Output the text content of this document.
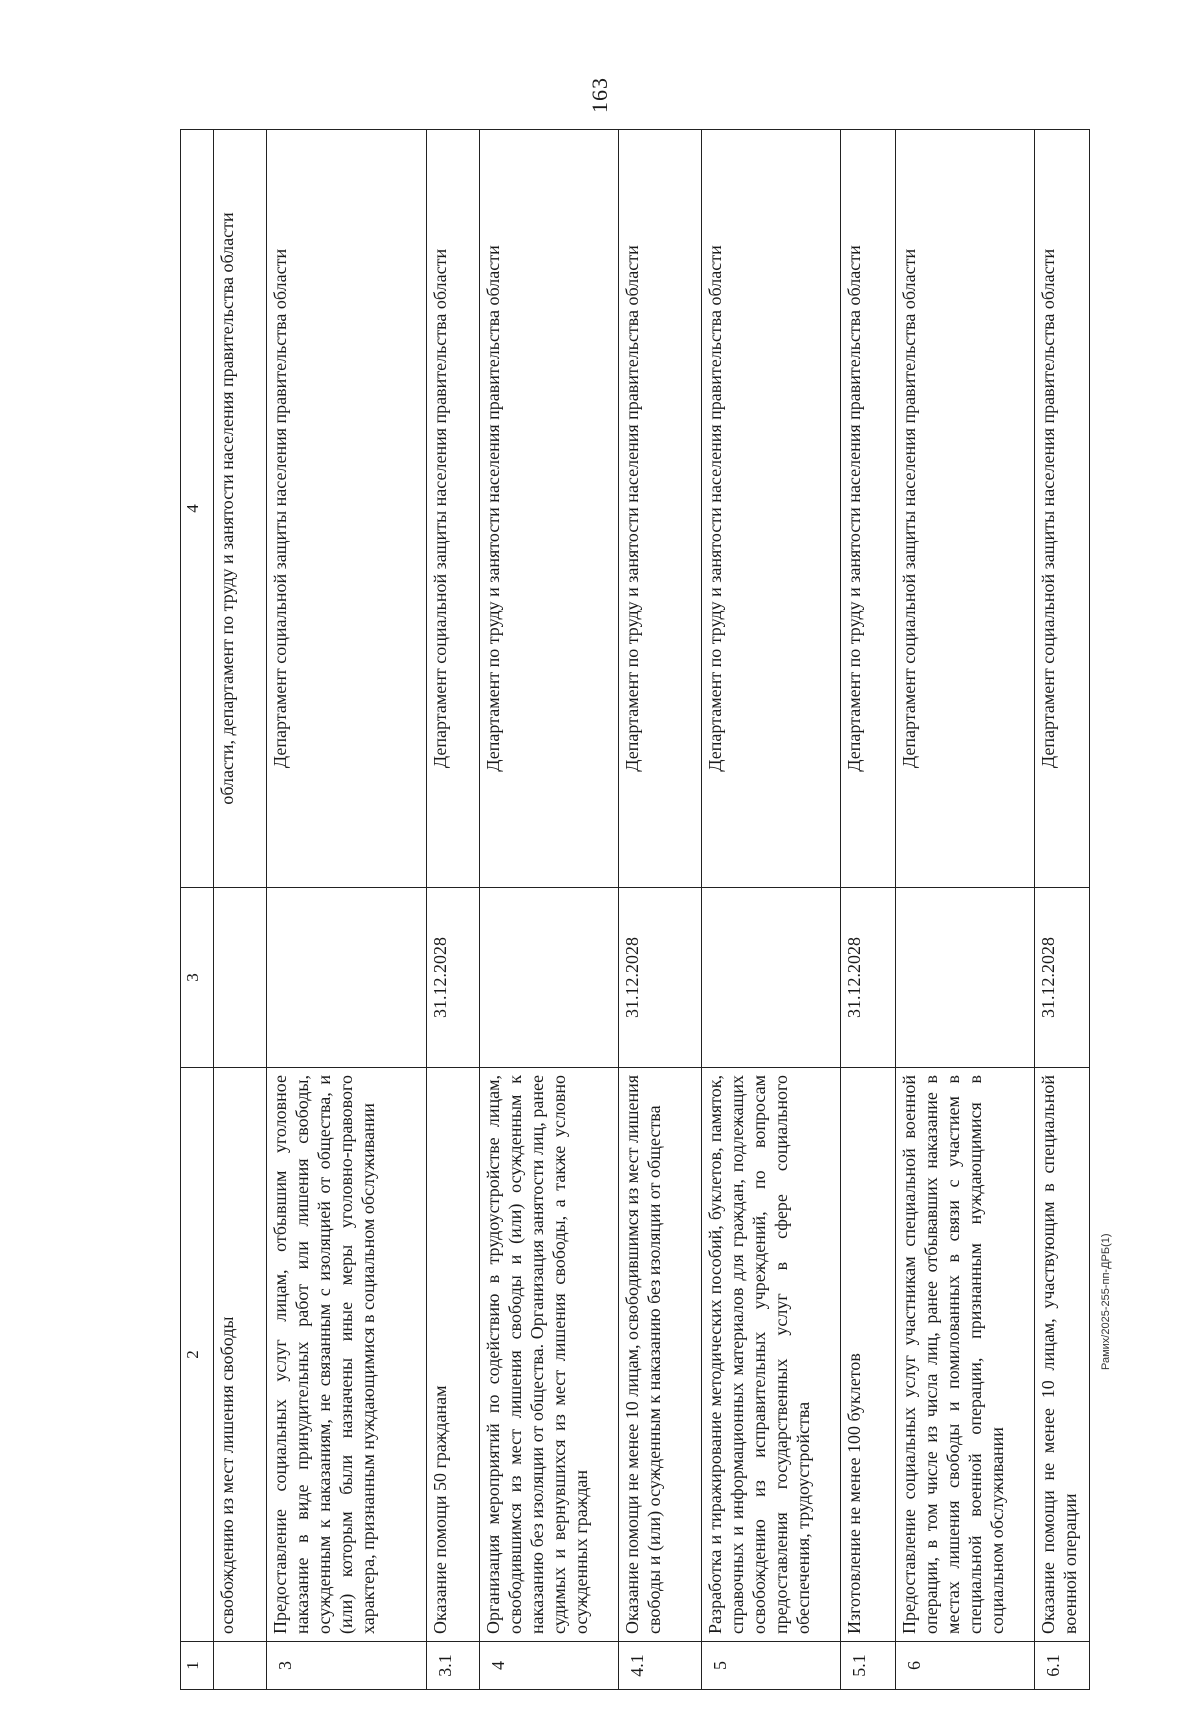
163
1	2	3	4
	освобождению из мест лишения свободы		области, департамент по труду и занятости населения правительства области
3	Предоставление социальных услуг лицам, отбывшим уголовное наказание в виде принудительных работ или лишения свободы, осужденным к наказаниям, не связанным с изоляцией от общества, и (или) которым были назначены иные меры уголовно-правового характера, признанным нуждающимися в социальном обслуживании		Департамент социальной защиты населения правительства области
3.1	Оказание помощи 50 гражданам	31.12.2028	Департамент социальной защиты населения правительства области
4	Организация мероприятий по содействию в трудоустройстве лицам, освободившимся из мест лишения свободы и (или) осужденным к наказанию без изоляции от общества. Организация занятости лиц, ранее судимых и вернувшихся из мест лишения свободы, а также условно осужденных граждан		Департамент по труду и занятости населения правительства области
4.1	Оказание помощи не менее 10 лицам, освободившимся из мест лишения свободы и (или) осужденным к наказанию без изоляции от общества	31.12.2028	Департамент по труду и занятости населения правительства области
5	Разработка и тиражирование методических пособий, буклетов, памяток, справочных и информационных материалов для граждан, подлежащих освобождению из исправительных учреждений, по вопросам предоставления государственных услуг в сфере социального обеспечения, трудоустройства		Департамент по труду и занятости населения правительства области
5.1	Изготовление не менее 100 буклетов	31.12.2028	Департамент по труду и занятости населения правительства области
6	Предоставление социальных услуг участникам специальной военной операции, в том числе из числа лиц, ранее отбывавших наказание в местах лишения свободы и помилованных в связи с участием в специальной военной операции, признанным нуждающимися в социальном обслуживании		Департамент социальной защиты населения правительства области
6.1	Оказание помощи не менее 10 лицам, участвующим в специальной военной операции	31.12.2028	Департамент социальной защиты населения правительства области
Рамих/2025-255-пп-ДРБ(1)
